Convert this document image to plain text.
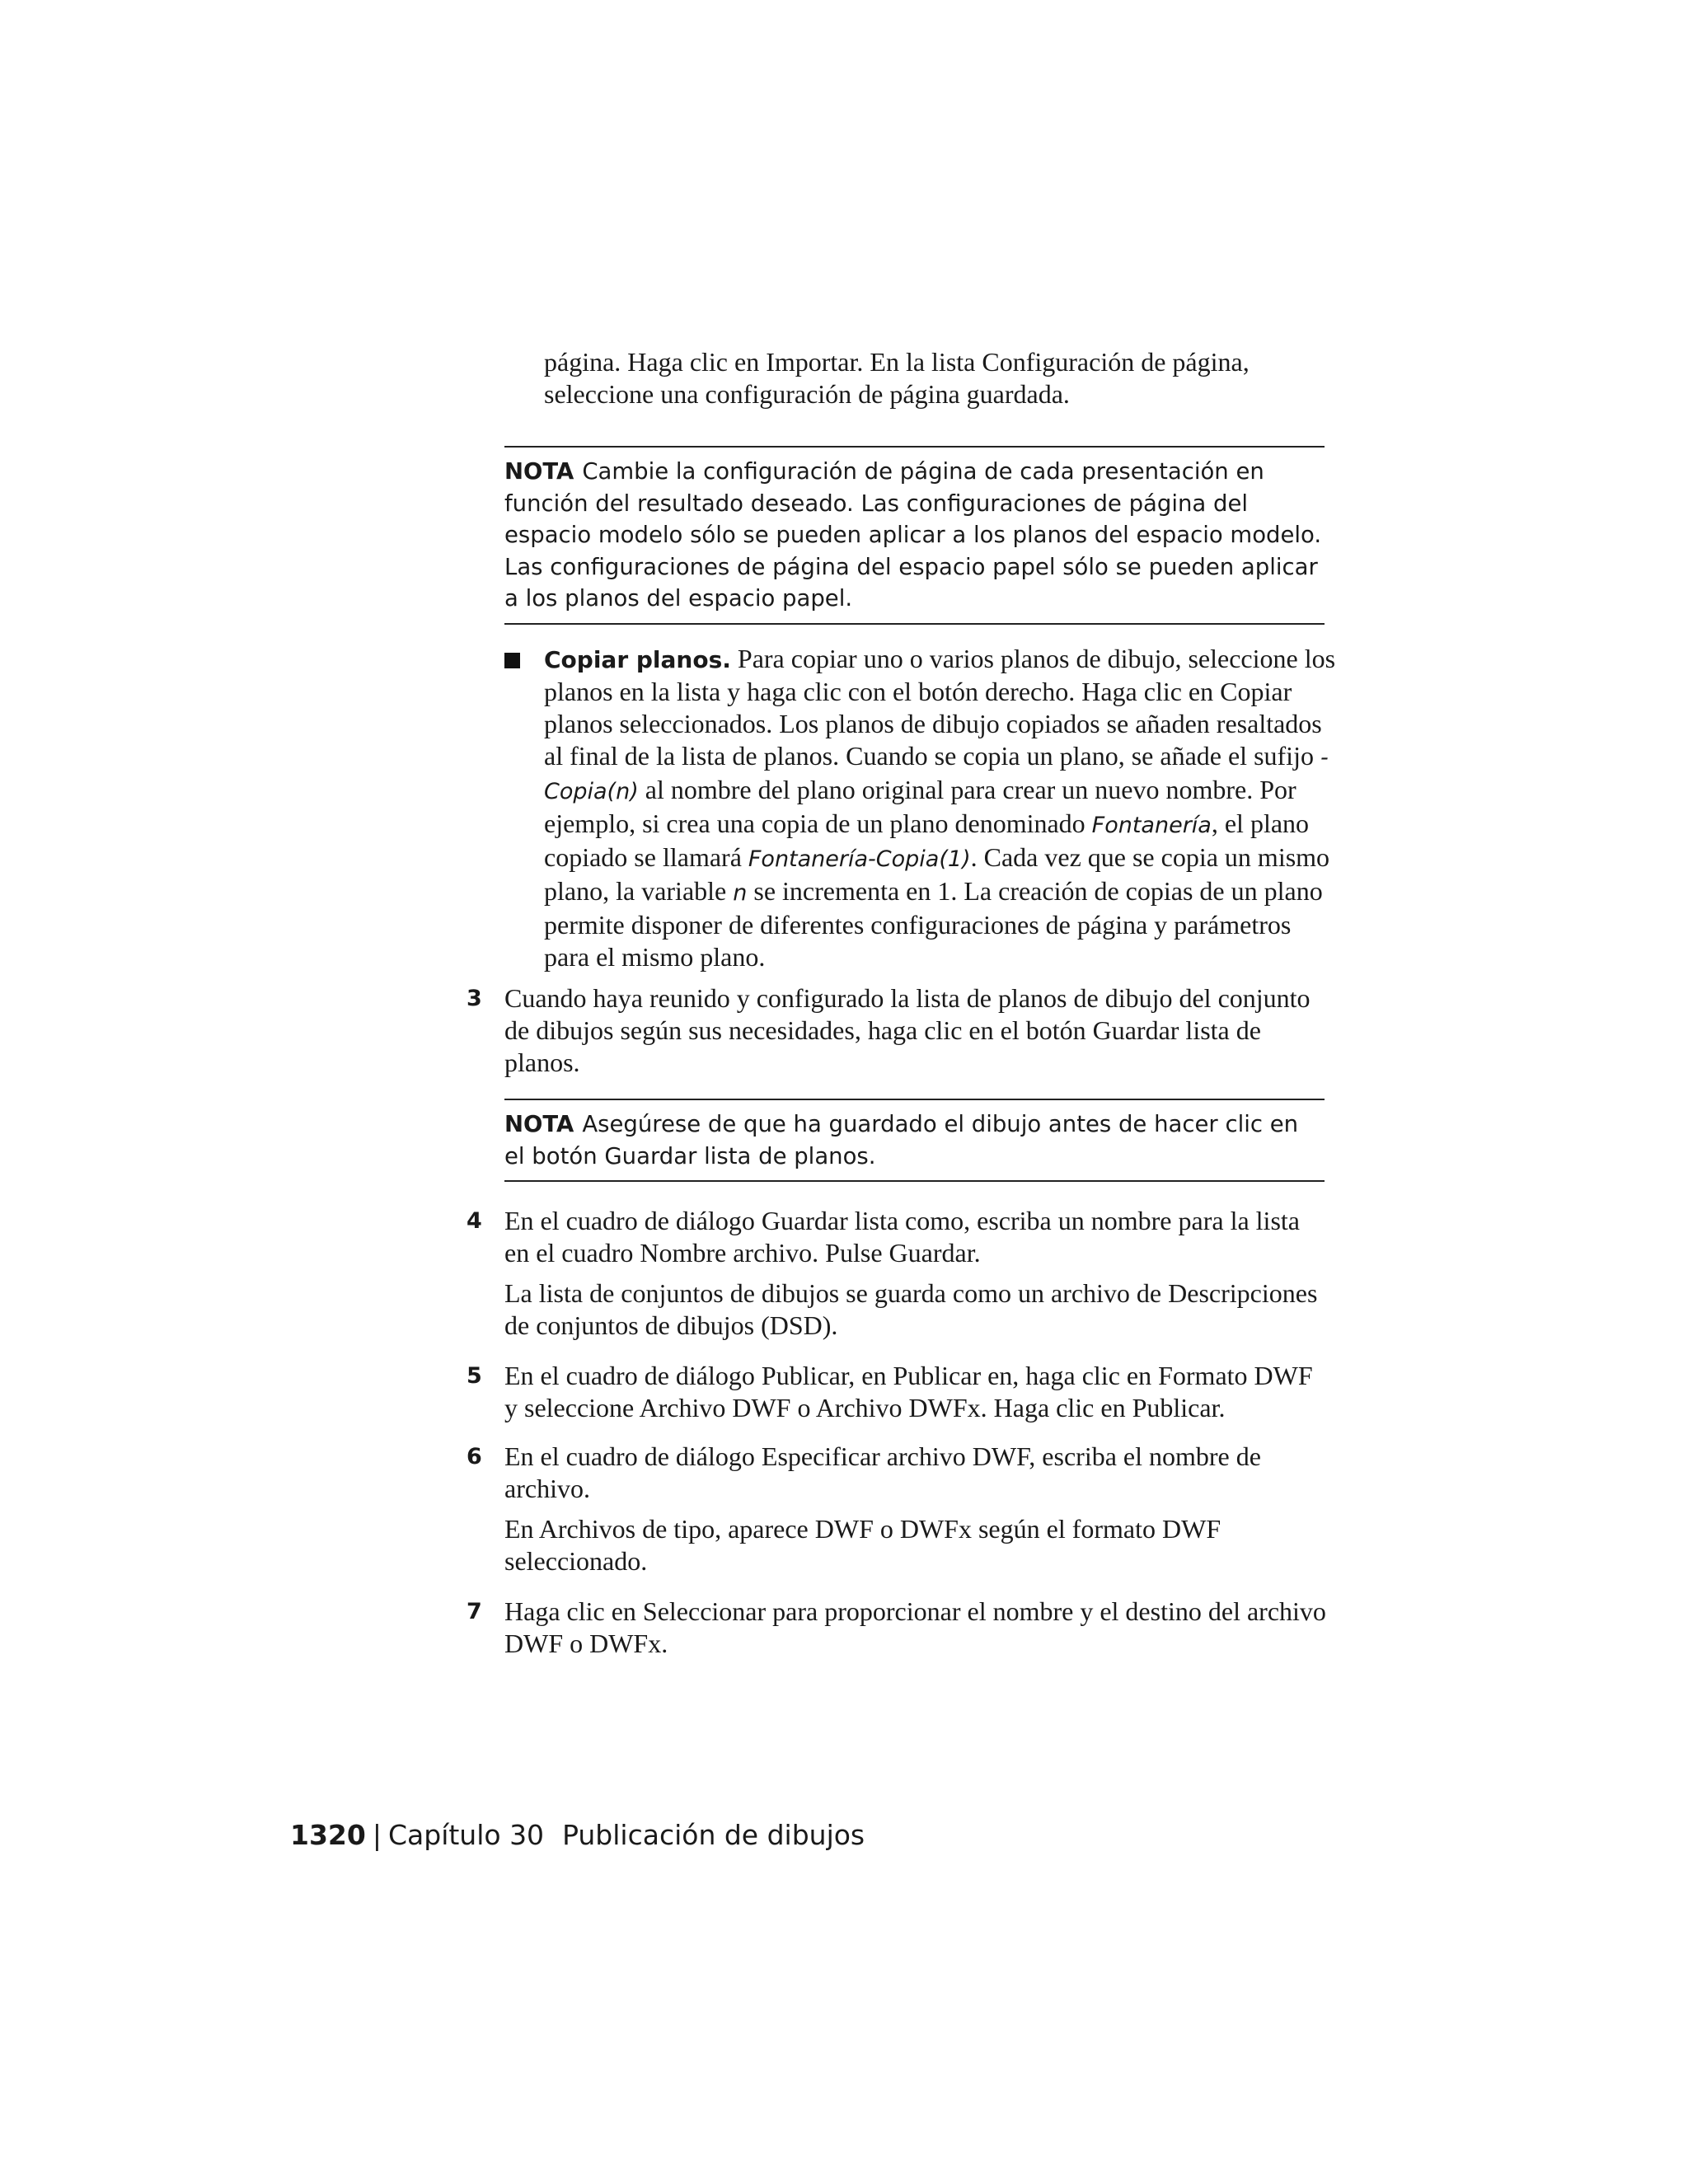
página. Haga clic en Importar. En la lista Configuración de página, seleccione una configuración de página guardada.

NOTA Cambie la configuración de página de cada presentación en función del resultado deseado. Las configuraciones de página del espacio modelo sólo se pueden aplicar a los planos del espacio modelo. Las configuraciones de página del espacio papel sólo se pueden aplicar a los planos del espacio papel.

Copiar planos. Para copiar uno o varios planos de dibujo, seleccione los planos en la lista y haga clic con el botón derecho. Haga clic en Copiar planos seleccionados. Los planos de dibujo copiados se añaden resaltados al final de la lista de planos. Cuando se copia un plano, se añade el sufijo -Copia(n) al nombre del plano original para crear un nuevo nombre. Por ejemplo, si crea una copia de un plano denominado Fontanería, el plano copiado se llamará Fontanería-Copia(1). Cada vez que se copia un mismo plano, la variable n se incrementa en 1. La creación de copias de un plano permite disponer de diferentes configuraciones de página y parámetros para el mismo plano.

3 Cuando haya reunido y configurado la lista de planos de dibujo del conjunto de dibujos según sus necesidades, haga clic en el botón Guardar lista de planos.

NOTA Asegúrese de que ha guardado el dibujo antes de hacer clic en el botón Guardar lista de planos.

4 En el cuadro de diálogo Guardar lista como, escriba un nombre para la lista en el cuadro Nombre archivo. Pulse Guardar.

La lista de conjuntos de dibujos se guarda como un archivo de Descripciones de conjuntos de dibujos (DSD).

5 En el cuadro de diálogo Publicar, en Publicar en, haga clic en Formato DWF y seleccione Archivo DWF o Archivo DWFx. Haga clic en Publicar.

6 En el cuadro de diálogo Especificar archivo DWF, escriba el nombre de archivo.

En Archivos de tipo, aparece DWF o DWFx según el formato DWF seleccionado.

7 Haga clic en Seleccionar para proporcionar el nombre y el destino del archivo DWF o DWFx.

1320 | Capítulo 30 Publicación de dibujos
